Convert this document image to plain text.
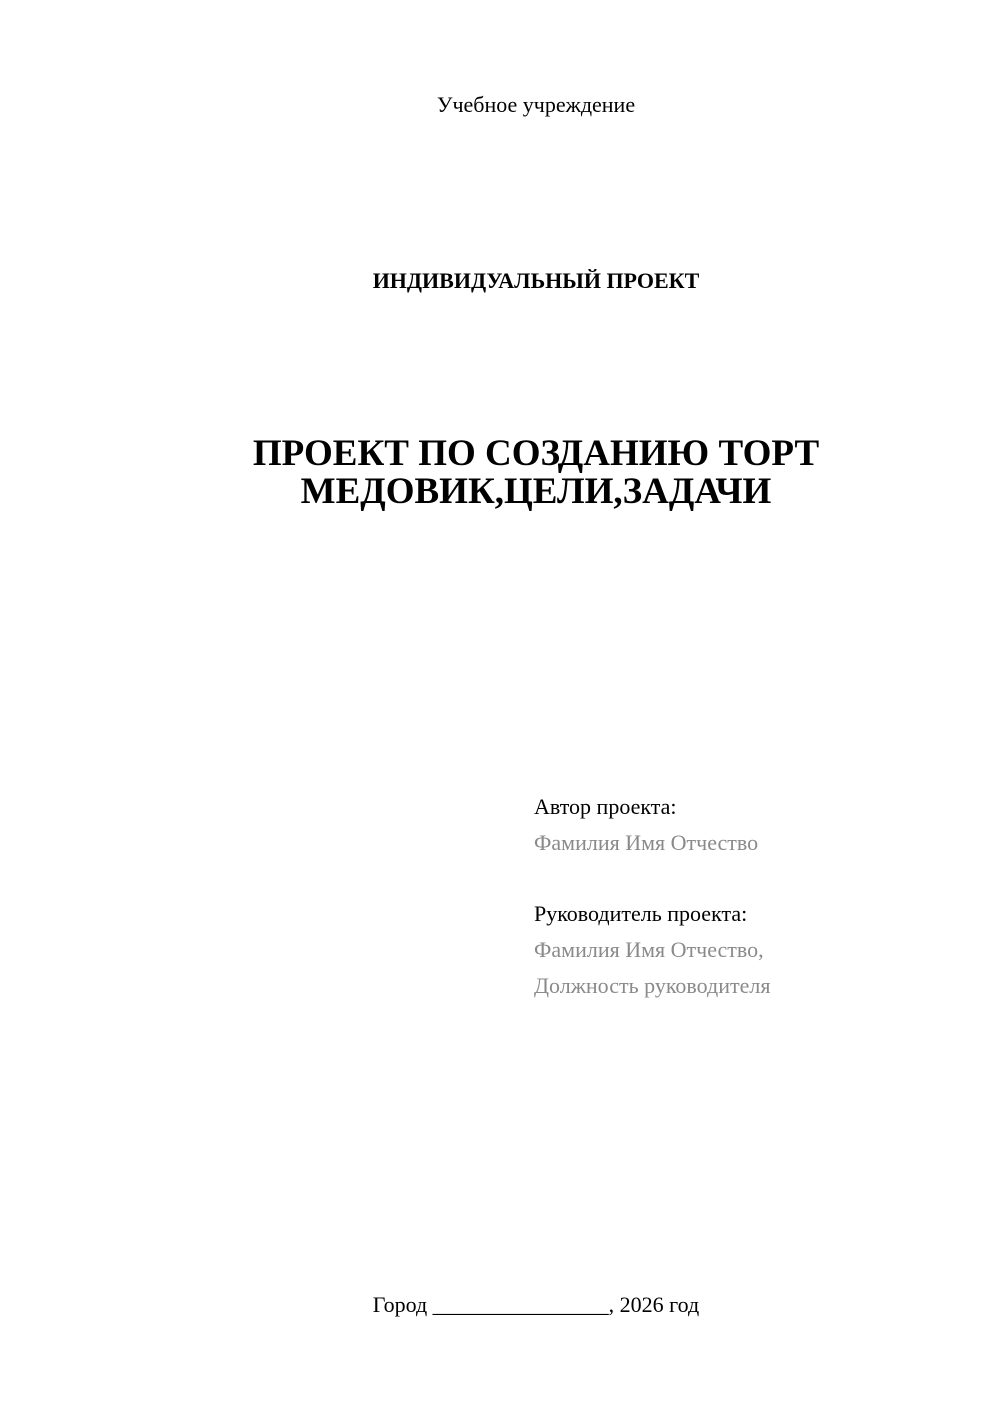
Учебное учреждение
ИНДИВИДУАЛЬНЫЙ ПРОЕКТ
ПРОЕКТ ПО СОЗДАНИЮ ТОРТ
МЕДОВИК,ЦЕЛИ,ЗАДАЧИ
Автор проекта:
Фамилия Имя Отчество
Руководитель проекта:
Фамилия Имя Отчество,
Должность руководителя
Город ________________, 2026 год
